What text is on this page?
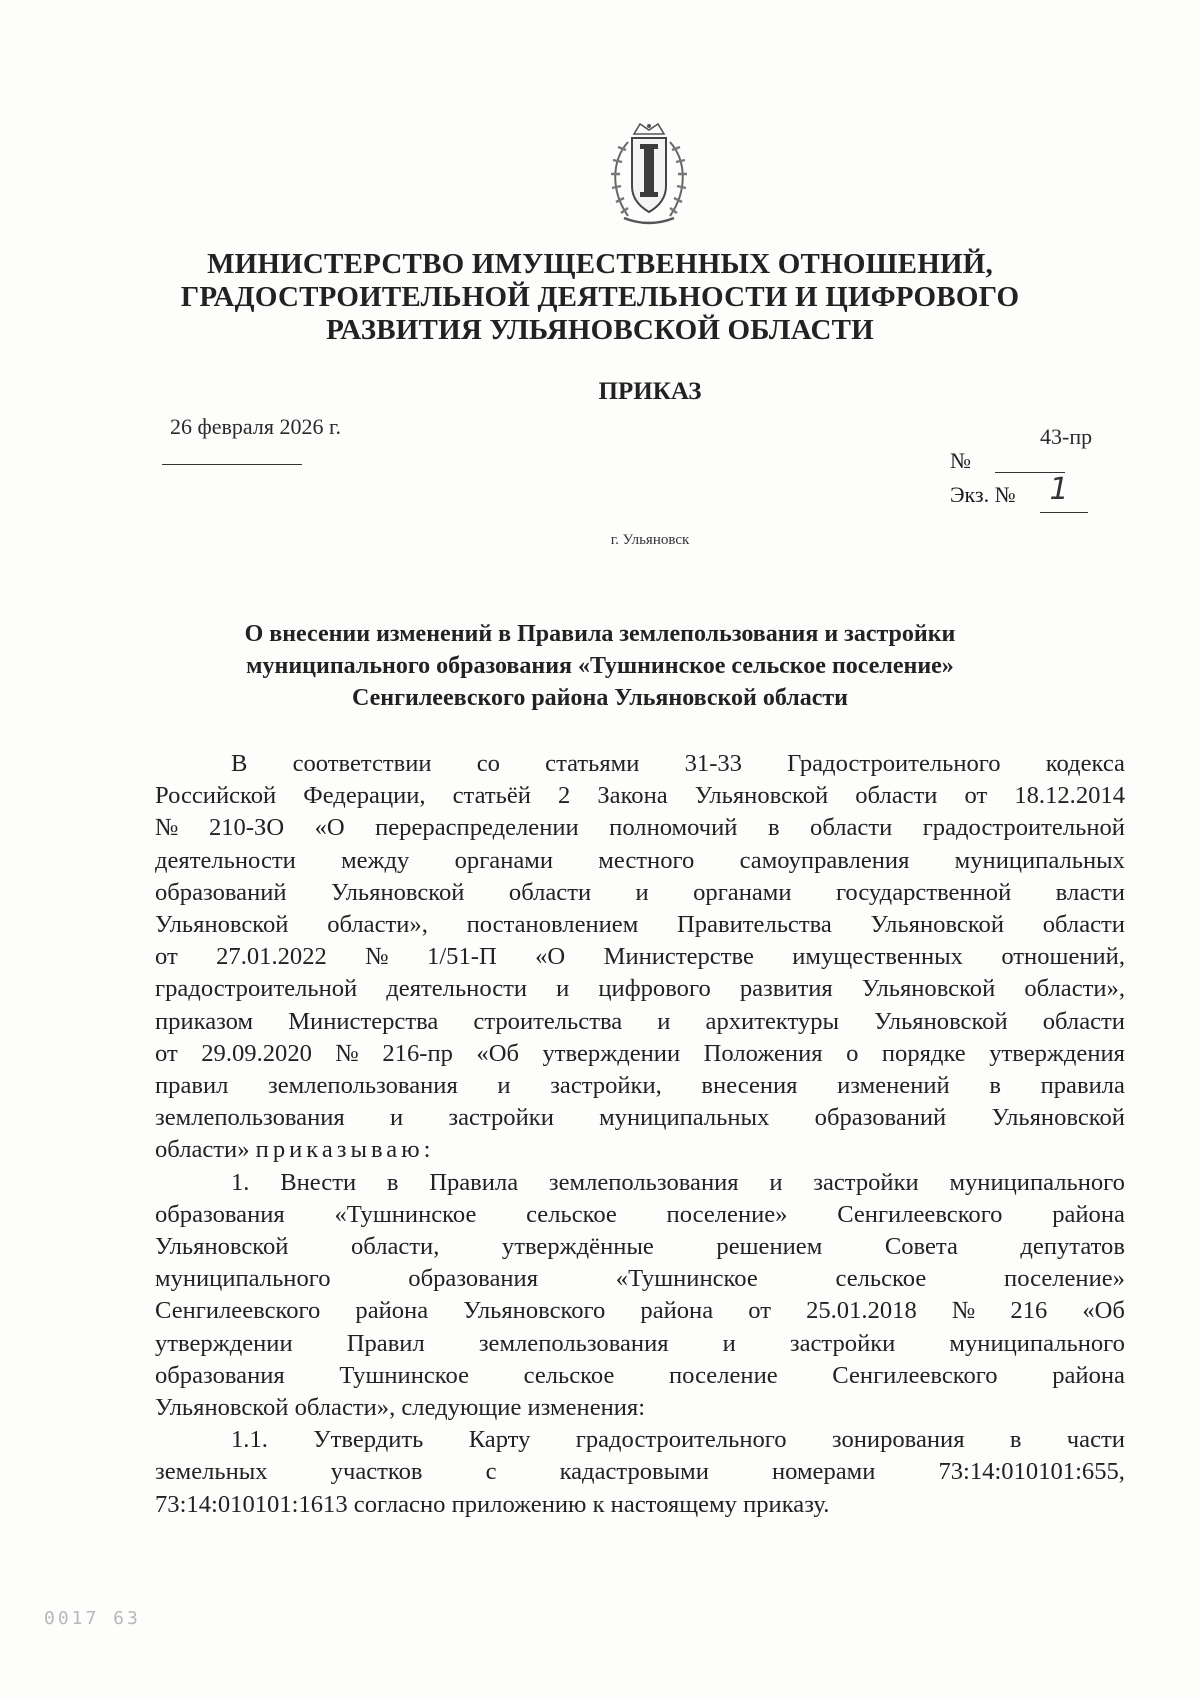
· · ·
МИНИСТЕРСТВО ИМУЩЕСТВЕННЫХ ОТНОШЕНИЙ,
ГРАДОСТРОИТЕЛЬНОЙ ДЕЯТЕЛЬНОСТИ И ЦИФРОВОГО
РАЗВИТИЯ УЛЬЯНОВСКОЙ ОБЛАСТИ
ПРИКАЗ
26 февраля 2026 г.	43-пр
№
Экз. №	1
г. Ульяновск
О внесении изменений в Правила землепользования и застройки
муниципального образования «Тушнинское сельское поселение»
Сенгилеевского района Ульяновской области
В соответствии со статьями 31-33 Градостроительного кодекса
Российской Федерации, статьёй 2 Закона Ульяновской области от 18.12.2014
№ 210-ЗО «О перераспределении полномочий в области градостроительной
деятельности между органами местного самоуправления муниципальных
образований Ульяновской области и органами государственной власти
Ульяновской области», постановлением Правительства Ульяновской области
от 27.01.2022 № 1/51-П «О Министерстве имущественных отношений,
градостроительной деятельности и цифрового развития Ульяновской области»,
приказом Министерства строительства и архитектуры Ульяновской области
от 29.09.2020 № 216-пр «Об утверждении Положения о порядке утверждения
правил землепользования и застройки, внесения изменений в правила
землепользования и застройки муниципальных образований Ульяновской
области»
приказываю:
1. Внести в Правила землепользования и застройки муниципального
образования «Тушнинское сельское поселение» Сенгилеевского района
Ульяновской	области,	утверждённые	решением	Совета	депутатов
муниципального	образования	«Тушнинское	сельское	поселение»
Сенгилеевского района Ульяновского района от 25.01.2018 № 216 «Об
утверждении Правил землепользования и застройки муниципального
образования Тушнинское сельское поселение Сенгилеевского района
Ульяновской области», следующие изменения:
1.1. Утвердить Карту градостроительного зонирования в части
земельных	участков	с	кадастровыми	номерами	73:14:010101:655,
73:14:010101:1613 согласно приложению к настоящему приказу.
0017 63
